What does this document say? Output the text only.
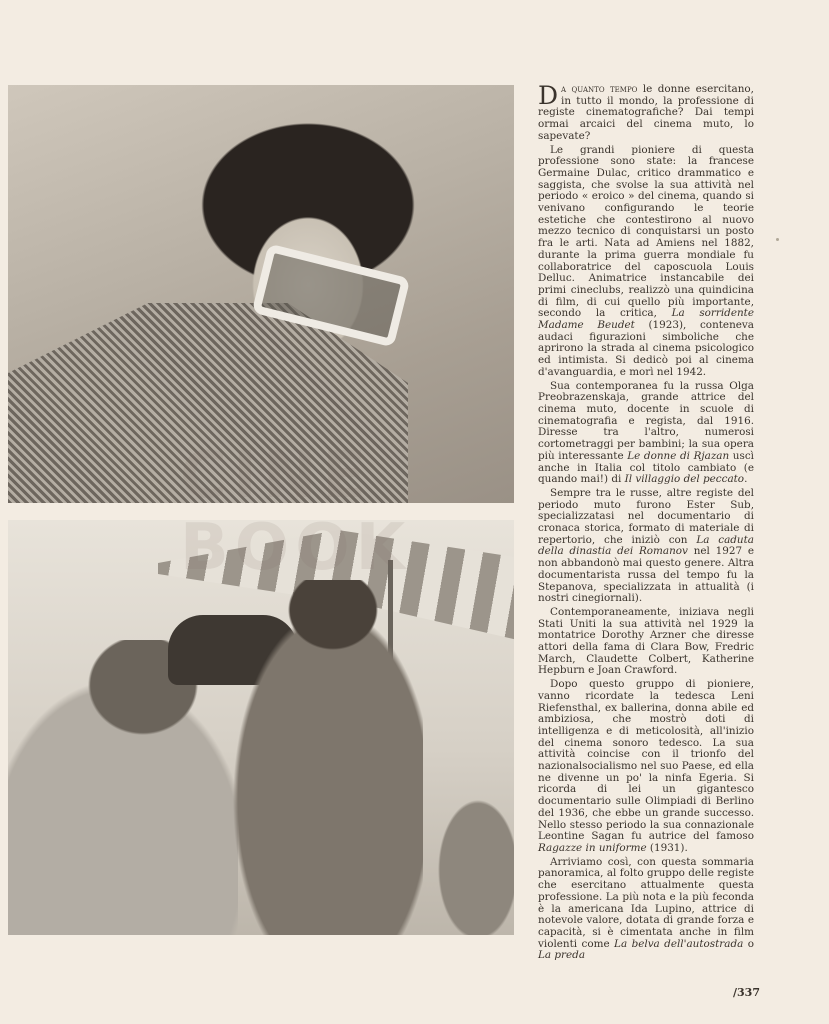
Da quanto tempo le donne esercitano, in tutto il mondo, la professione di registe cinematografiche? Dai tempi ormai arcaici del cinema muto, lo sapevate?

Le grandi pioniere di questa professione sono state: la francese Germaine Dulac, critico drammatico e saggista, che svolse la sua attività nel periodo « eroico » del cinema, quando si venivano configurando le teorie estetiche che contestirono al nuovo mezzo tecnico di conquistarsi un posto fra le arti. Nata ad Amiens nel 1882, durante la prima guerra mondiale fu collaboratrice del caposcuola Louis Delluc. Animatrice instancabile dei primi cineclubs, realizzò una quindicina di film, di cui quello più importante, secondo la critica, La sorridente Madame Beudet (1923), conteneva audaci figurazioni simboliche che aprirono la strada al cinema psicologico ed intimista. Si dedicò poi al cinema d'avanguardia, e morì nel 1942.

Sua contemporanea fu la russa Olga Preobrazenskaja, grande attrice del cinema muto, docente in scuole di cinematografia e regista, dal 1916. Diresse tra l'altro, numerosi cortometraggi per bambini; la sua opera più interessante Le donne di Rjazan uscì anche in Italia col titolo cambiato (e quando mai!) di Il villaggio del peccato.

Sempre tra le russe, altre registe del periodo muto furono Ester Sub, specializzatasi nel documentario di cronaca storica, formato di materiale di repertorio, che iniziò con La caduta della dinastia dei Romanov nel 1927 e non abbandonò mai questo genere. Altra documentarista russa del tempo fu la Stepanova, specializzata in attualità (i nostri cinegiornali).

Contemporaneamente, iniziava negli Stati Uniti la sua attività nel 1929 la montatrice Dorothy Arzner che diresse attori della fama di Clara Bow, Fredric March, Claudette Colbert, Katherine Hepburn e Joan Crawford.

Dopo questo gruppo di pioniere, vanno ricordate la tedesca Leni Riefensthal, ex ballerina, donna abile ed ambiziosa, che mostrò doti di intelligenza e di meticolosità, all'inizio del cinema sonoro tedesco. La sua attività coincise con il trionfo del nazionalsocialismo nel suo Paese, ed ella ne divenne un po' la ninfa Egeria. Si ricorda di lei un gigantesco documentario sulle Olimpiadi di Berlino del 1936, che ebbe un grande successo. Nello stesso periodo la sua connazionale Leontine Sagan fu autrice del famoso Ragazze in uniforme (1931).

Arriviamo così, con questa sommaria panoramica, al folto gruppo delle registe che esercitano attualmente questa professione. La più nota e la più feconda è la americana Ida Lupino, attrice di notevole valore, dotata di grande forza e capacità, si è cimentata anche in film violenti come La belva dell'autostrada o La preda

/337
